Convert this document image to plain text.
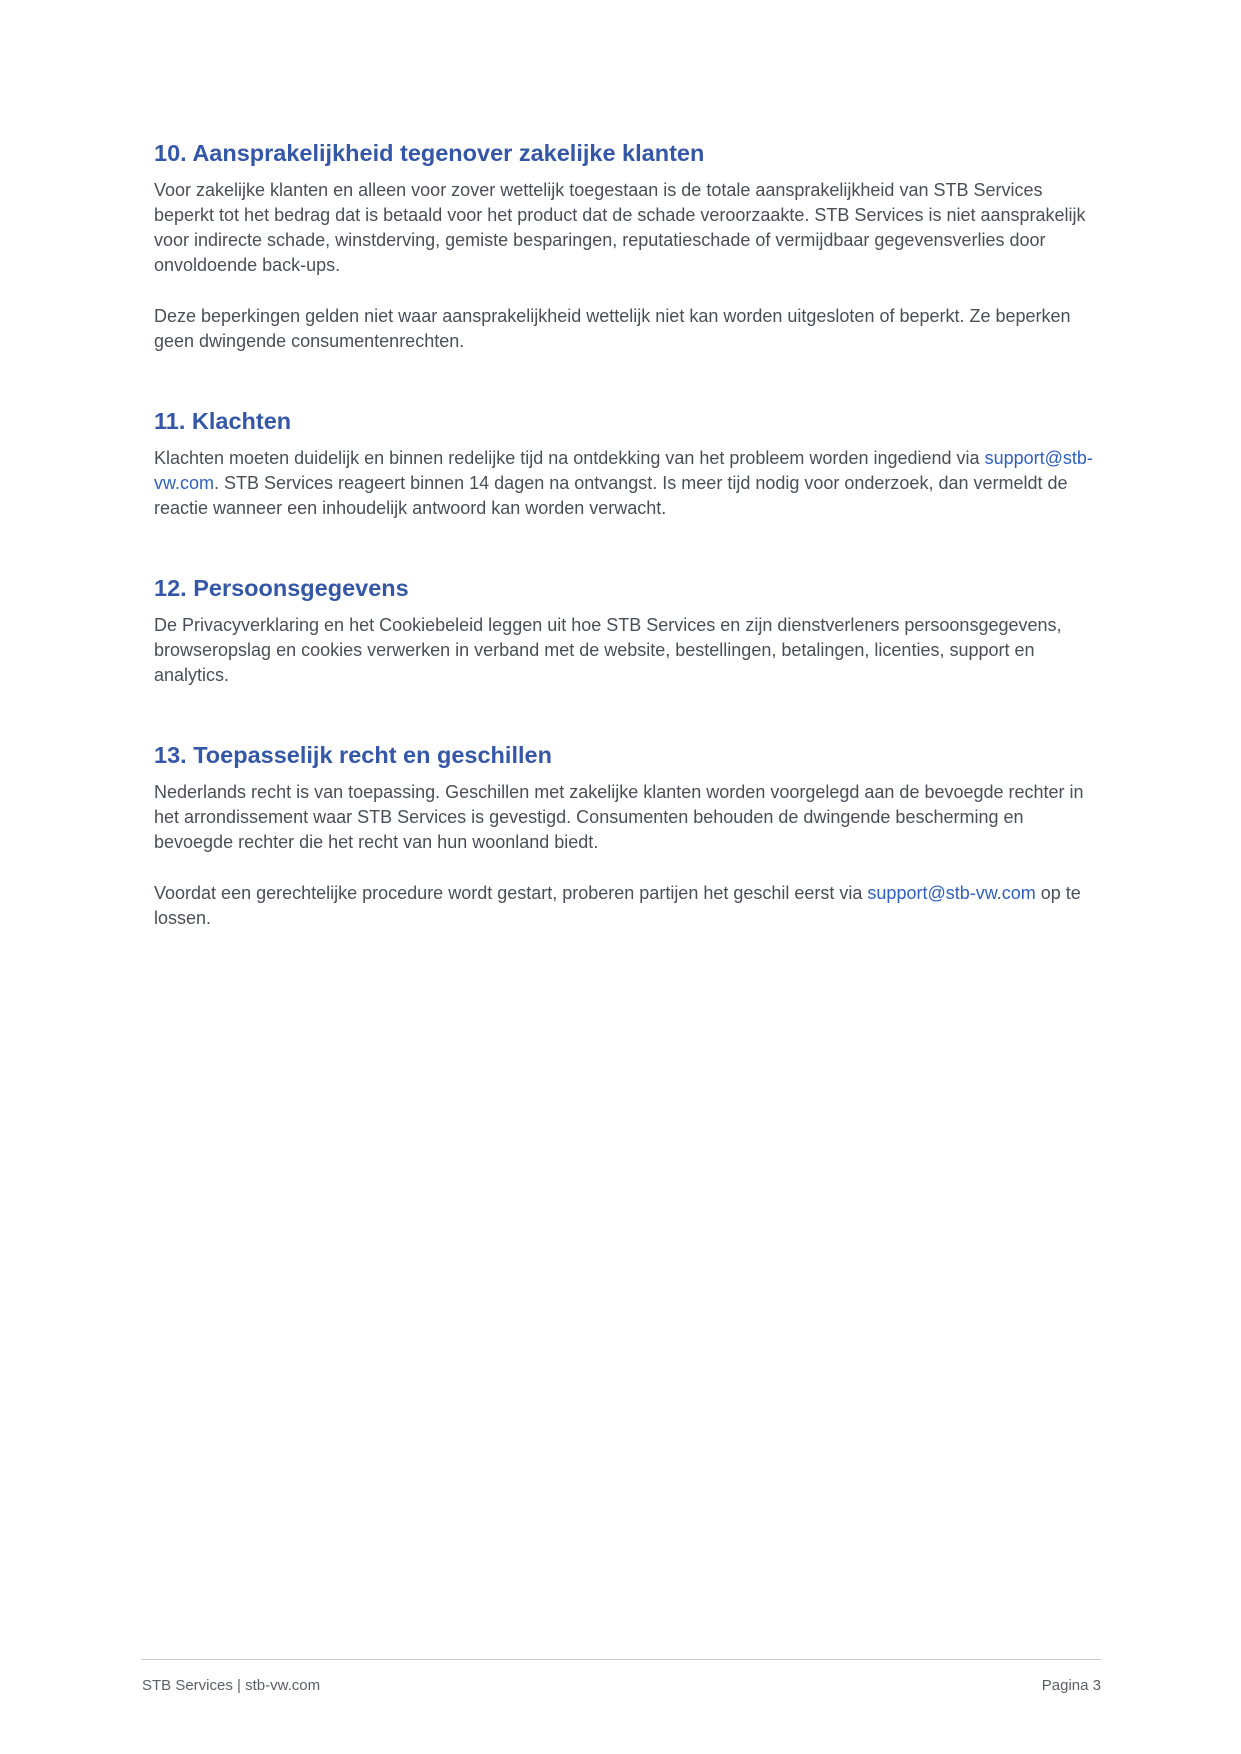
10. Aansprakelijkheid tegenover zakelijke klanten

Voor zakelijke klanten en alleen voor zover wettelijk toegestaan is de totale aansprakelijkheid van STB Services beperkt tot het bedrag dat is betaald voor het product dat de schade veroorzaakte. STB Services is niet aansprakelijk voor indirecte schade, winstderving, gemiste besparingen, reputatieschade of vermijdbaar gegevensverlies door onvoldoende back-ups.

Deze beperkingen gelden niet waar aansprakelijkheid wettelijk niet kan worden uitgesloten of beperkt. Ze beperken geen dwingende consumentenrechten.

11. Klachten

Klachten moeten duidelijk en binnen redelijke tijd na ontdekking van het probleem worden ingediend via support@stb-vw.com. STB Services reageert binnen 14 dagen na ontvangst. Is meer tijd nodig voor onderzoek, dan vermeldt de reactie wanneer een inhoudelijk antwoord kan worden verwacht.

12. Persoonsgegevens

De Privacyverklaring en het Cookiebeleid leggen uit hoe STB Services en zijn dienstverleners persoonsgegevens, browseropslag en cookies verwerken in verband met de website, bestellingen, betalingen, licenties, support en analytics.

13. Toepasselijk recht en geschillen

Nederlands recht is van toepassing. Geschillen met zakelijke klanten worden voorgelegd aan de bevoegde rechter in het arrondissement waar STB Services is gevestigd. Consumenten behouden de dwingende bescherming en bevoegde rechter die het recht van hun woonland biedt.

Voordat een gerechtelijke procedure wordt gestart, proberen partijen het geschil eerst via support@stb-vw.com op te lossen.

STB Services | stb-vw.com	Pagina 3
